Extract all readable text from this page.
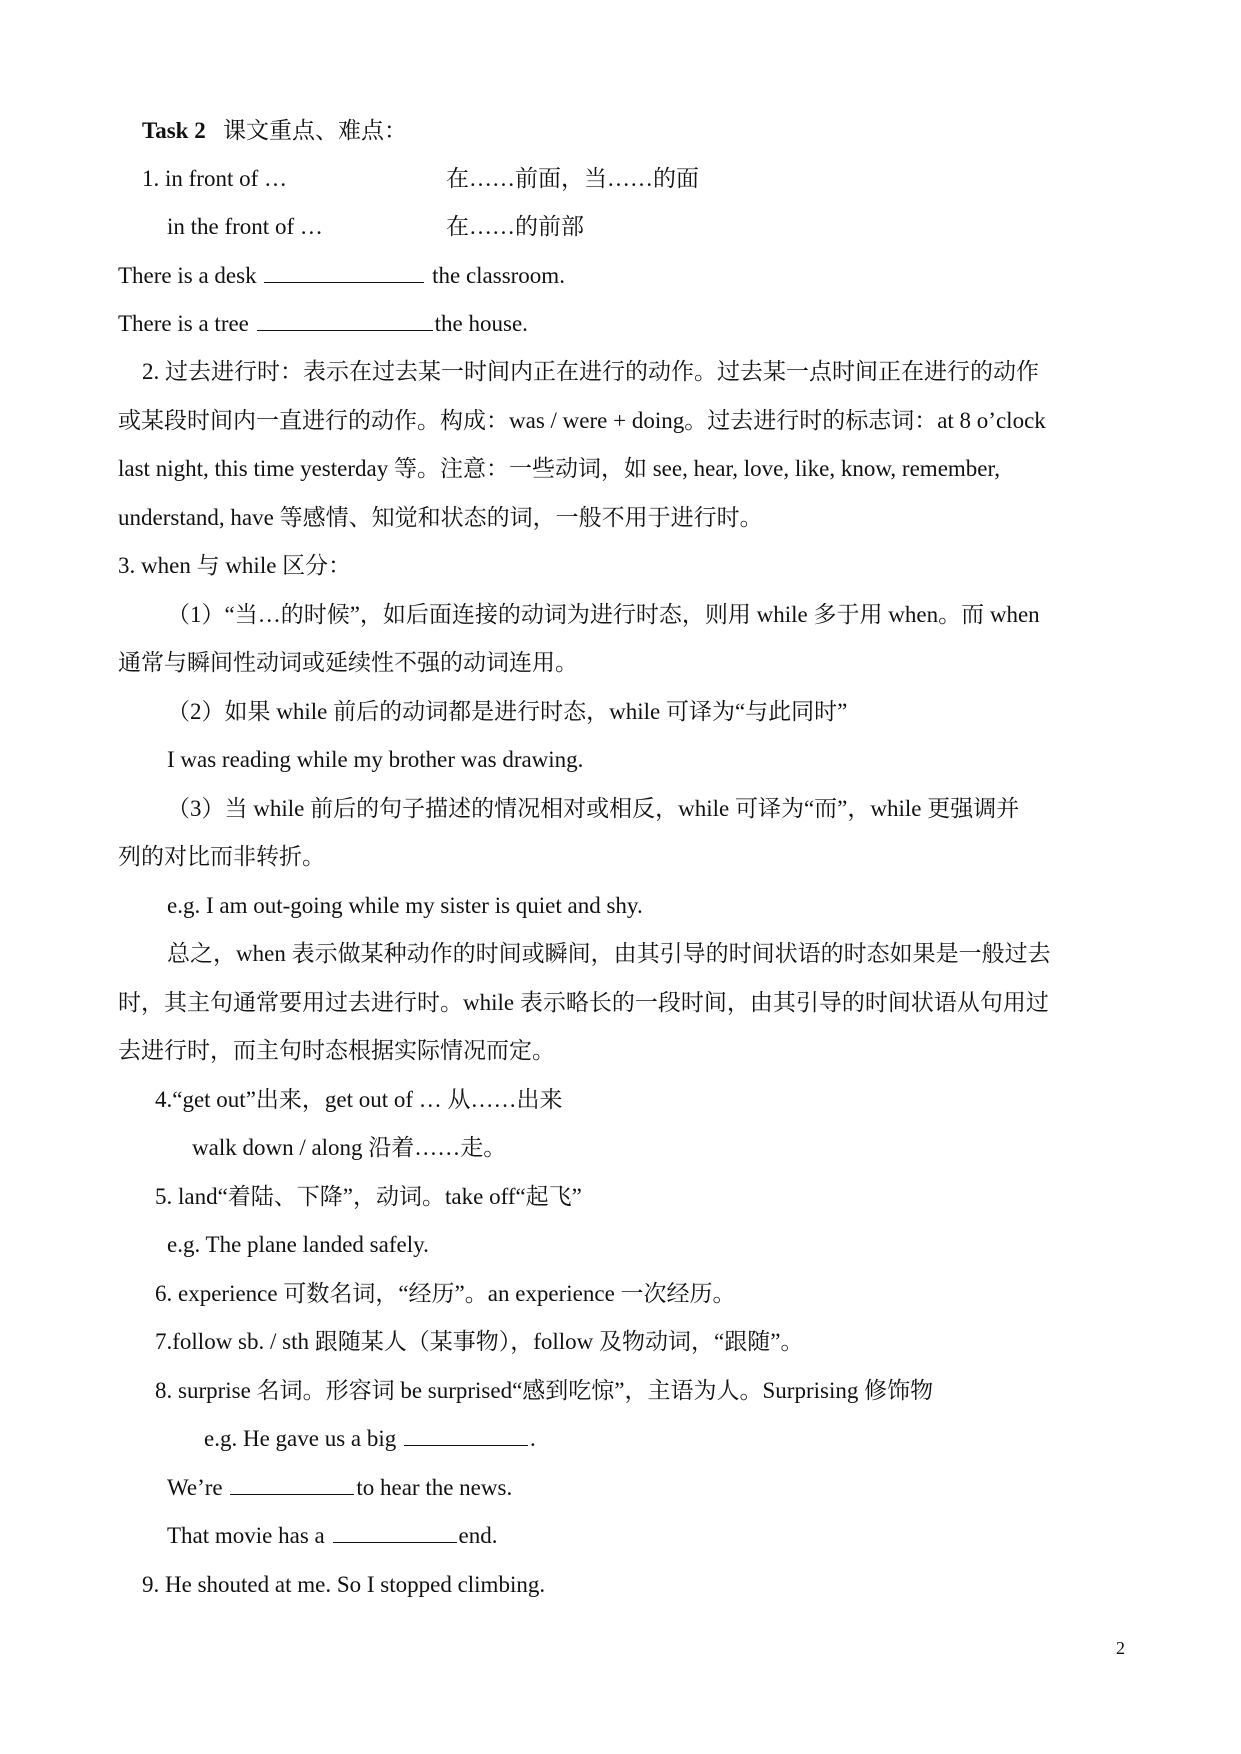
Task 2 课文重点、难点：
1. in front of …	在……前面，当……的面
in the front of …	在……的前部
There is a desk	the classroom.
There is a tree	the house.
2. 过去进行时：表示在过去某一时间内正在进行的动作。过去某一点时间正在进行的动作
或某段时间内一直进行的动作。构成：was / were + doing。过去进行时的标志词：at 8 o’clock
last night, this time yesterday 等。注意：一些动词，如 see, hear, love, like, know, remember,
understand, have 等感情、知觉和状态的词，一般不用于进行时。
3. when 与 while 区分：
（1）“当…的时候”，如后面连接的动词为进行时态，则用 while 多于用 when。而 when
通常与瞬间性动词或延续性不强的动词连用。
（2）如果 while 前后的动词都是进行时态，while 可译为“与此同时”
I was reading while my brother was drawing.
（3）当 while 前后的句子描述的情况相对或相反，while 可译为“而”，while 更强调并
列的对比而非转折。
e.g. I am out-going while my sister is quiet and shy.
总之，when 表示做某种动作的时间或瞬间，由其引导的时间状语的时态如果是一般过去
时，其主句通常要用过去进行时。while 表示略长的一段时间，由其引导的时间状语从句用过
去进行时，而主句时态根据实际情况而定。
4.“get out”出来，get out of … 从……出来
walk down / along 沿着……走。
5. land“着陆、下降”，动词。take off“起飞”
e.g. The plane landed safely.
6. experience 可数名词，“经历”。an experience 一次经历。
7.follow sb. / sth 跟随某人（某事物），follow 及物动词，“跟随”。
8. surprise 名词。形容词 be surprised“感到吃惊”，主语为人。Surprising 修饰物
e.g. He gave us a big	.
We’re	to hear the news.
That movie has a	end.
9. He shouted at me. So I stopped climbing.
2
